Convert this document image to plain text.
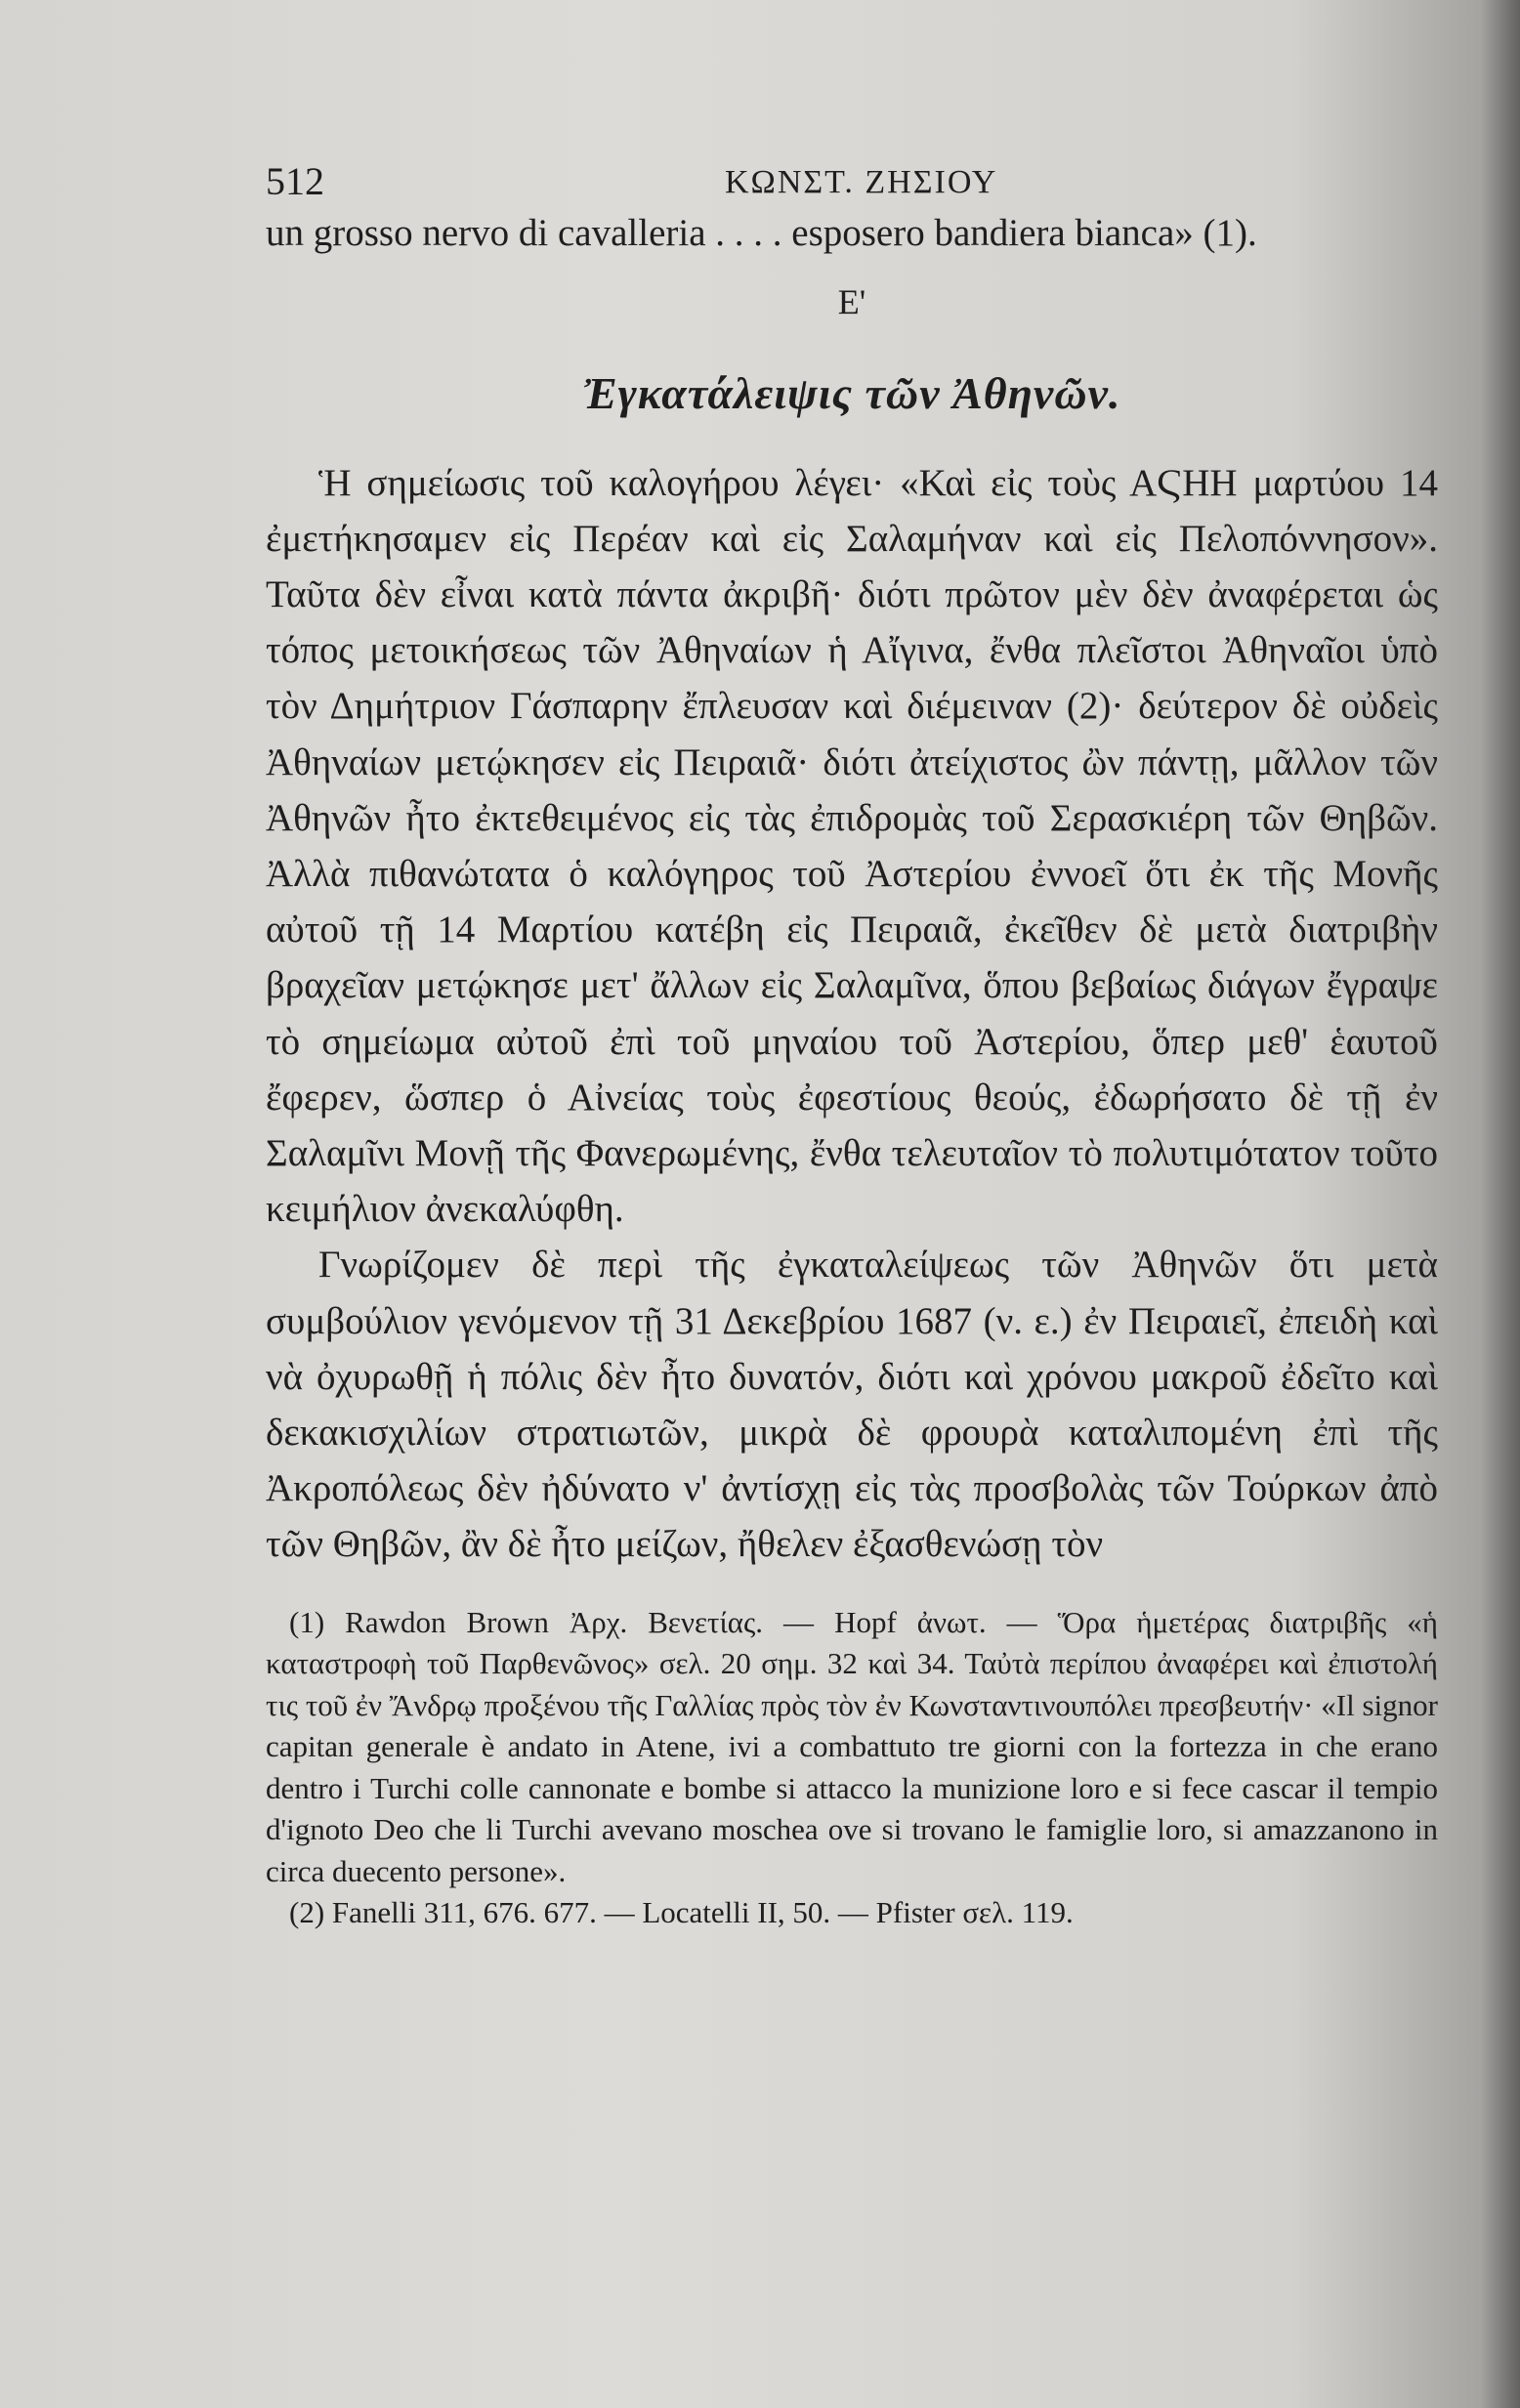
512	ΚΩΝΣΤ. ΖΗΣΙΟΥ

un grosso nervo di cavalleria . . . . esposero bandiera bianca» (1).

Ε'
Ἐγκατάλειψις τῶν Ἀθηνῶν.

Ἡ σημείωσις τοῦ καλογήρου λέγει· «Καὶ εἰς τοὺς ΑϚΗΗ μαρτύου 14 ἐμετήκησαμεν εἰς Περέαν καὶ εἰς Σαλαμήναν καὶ εἰς Πελοπόννησον». Ταῦτα δὲν εἶναι κατὰ πάντα ἀκριβῆ· διότι πρῶτον μὲν δὲν ἀναφέρεται ὡς τόπος μετοικήσεως τῶν Ἀθηναίων ἡ Αἴγινα, ἔνθα πλεῖστοι Ἀθηναῖοι ὑπὸ τὸν Δημήτριον Γάσπαρην ἔπλευσαν καὶ διέμειναν (2)· δεύτερον δὲ οὐδεὶς Ἀθηναίων μετῴκησεν εἰς Πειραιᾶ· διότι ἀτείχιστος ὢν πάντῃ, μᾶλλον τῶν Ἀθηνῶν ἦτο ἐκτεθειμένος εἰς τὰς ἐπιδρομὰς τοῦ Σερασκιέρη τῶν Θηβῶν. Ἀλλὰ πιθανώτατα ὁ καλόγηρος τοῦ Ἀστερίου ἐννοεῖ ὅτι ἐκ τῆς Μονῆς αὐτοῦ τῇ 14 Μαρτίου κατέβη εἰς Πειραιᾶ, ἐκεῖθεν δὲ μετὰ διατριβὴν βραχεῖαν μετῴκησε μετ' ἄλλων εἰς Σαλαμῖνα, ὅπου βεβαίως διάγων ἔγραψε τὸ σημείωμα αὐτοῦ ἐπὶ τοῦ μηναίου τοῦ Ἀστερίου, ὅπερ μεθ' ἑαυτοῦ ἔφερεν, ὥσπερ ὁ Αἰνείας τοὺς ἐφεστίους θεούς, ἐδωρήσατο δὲ τῇ ἐν Σαλαμῖνι Μονῇ τῆς Φανερωμένης, ἔνθα τελευταῖον τὸ πολυτιμότατον τοῦτο κειμήλιον ἀνεκαλύφθη.

Γνωρίζομεν δὲ περὶ τῆς ἐγκαταλείψεως τῶν Ἀθηνῶν ὅτι μετὰ συμβούλιον γενόμενον τῇ 31 Δεκεβρίου 1687 (ν. ε.) ἐν Πειραιεῖ, ἐπειδὴ καὶ νὰ ὀχυρωθῇ ἡ πόλις δὲν ἦτο δυνατόν, διότι καὶ χρόνου μακροῦ ἐδεῖτο καὶ δεκακισχιλίων στρατιωτῶν, μικρὰ δὲ φρουρὰ καταλιπομένη ἐπὶ τῆς Ἀκροπόλεως δὲν ἠδύνατο ν' ἀντίσχῃ εἰς τὰς προσβολὰς τῶν Τούρκων ἀπὸ τῶν Θηβῶν, ἂν δὲ ἦτο μείζων, ἤθελεν ἐξασθενώσῃ τὸν

(1) Rawdon Brown Ἀρχ. Βενετίας. — Hopf ἀνωτ. — Ὅρα ἡμετέρας διατριβῆς «ἡ καταστροφὴ τοῦ Παρθενῶνος» σελ. 20 σημ. 32 καὶ 34. Ταὐτὰ περίπου ἀναφέρει καὶ ἐπιστολή τις τοῦ ἐν Ἄνδρῳ προξένου τῆς Γαλλίας πρὸς τὸν ἐν Κωνσταντινουπόλει πρεσβευτήν· «Il signor capitan generale è andato in Atene, ivi a combattuto tre giorni con la fortezza in che erano dentro i Turchi colle cannonate e bombe si attacco la munizione loro e si fece cascar il tempio d'ignoto Deo che li Turchi avevano moschea ove si trovano le famiglie loro, si amazzanono in circa duecento persone».

(2) Fanelli 311, 676. 677. — Locatelli II, 50. — Pfister σελ. 119.
